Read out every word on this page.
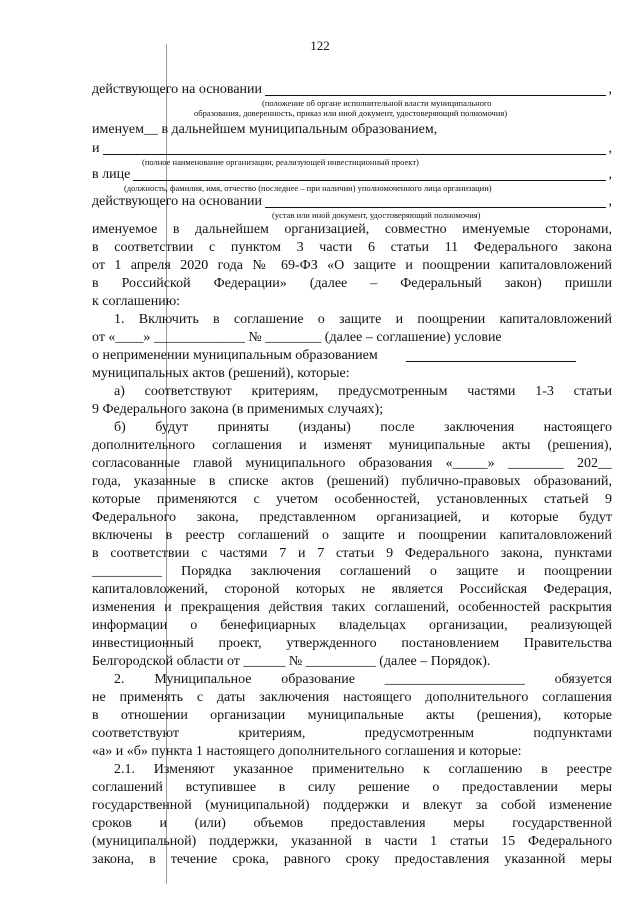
122
действующего на основании	,
(положение об органе исполнительной власти муниципального
образования, доверенность, приказ или иной документ, удостоверяющий полномочия)
именуем__ в дальнейшем муниципальным образованием,
и	,
(полное наименование организации, реализующей инвестиционный проект)
в лице	,
(должность, фамилия, имя, отчество (последнее – при наличии) уполномоченного лица организации)
действующего на основании	,
(устав или иной документ, удостоверяющий полномочия)
именуемое в дальнейшем организацией, совместно именуемые сторонами,
в соответствии с пунктом 3 части 6 статьи 11 Федерального закона
от 1 апреля 2020 года № 69-ФЗ «О защите и поощрении капиталовложений
в Российской Федерации» (далее – Федеральный закон) пришли
к соглашению:
1. Включить в соглашение о защите и поощрении капиталовложений
от «____» _____________ № ________ (далее – соглашение) условие
о неприменении муниципальным образованием
муниципальных актов (решений), которые:
а) соответствуют критериям, предусмотренным частями 1-3 статьи
9 Федерального закона (в применимых случаях);
б) будут приняты (изданы) после заключения настоящего
дополнительного соглашения и изменят муниципальные акты (решения),
согласованные главой муниципального образования «_____» ________ 202__
года, указанные в списке актов (решений) публично-правовых образований,
которые применяются с учетом особенностей, установленных статьей 9
Федерального закона, представленном организацией, и которые будут
включены в реестр соглашений о защите и поощрении капиталовложений
в соответствии с частями 7 и 7 статьи 9 Федерального закона, пунктами
__________ Порядка заключения соглашений о защите и поощрении
капиталовложений, стороной которых не является Российская Федерация,
изменения и прекращения действия таких соглашений, особенностей раскрытия
информации о бенефициарных владельцах организации, реализующей
инвестиционный проект, утвержденного постановлением Правительства
Белгородской области от ______ № __________ (далее – Порядок).
2. Муниципальное образование ____________________ обязуется
не применять с даты заключения настоящего дополнительного соглашения
в отношении организации муниципальные акты (решения), которые
соответствуют критериям, предусмотренным подпунктами
«а» и «б» пункта 1 настоящего дополнительного соглашения и которые:
2.1. Изменяют указанное применительно к соглашению в реестре
соглашений вступившее в силу решение о предоставлении меры
государственной (муниципальной) поддержки и влекут за собой изменение
сроков и (или) объемов предоставления меры государственной
(муниципальной) поддержки, указанной в части 1 статьи 15 Федерального
закона, в течение срока, равного сроку предоставления указанной меры
